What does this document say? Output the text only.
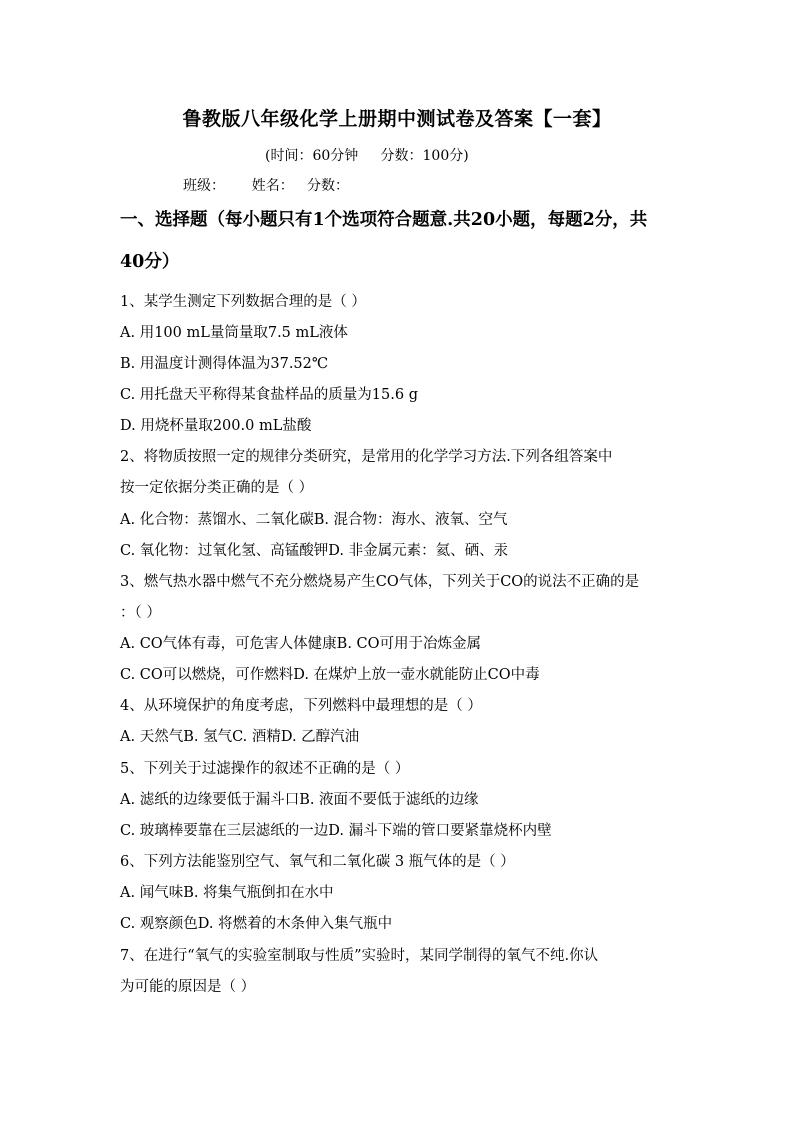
鲁教版八年级化学上册期中测试卷及答案【一套】
(时间：60分钟     分数：100分)
班级：      姓名：   分数：
一、选择题（每小题只有1个选项符合题意.共20小题，每题2分，共
40分）
1、某学生测定下列数据合理的是（ ）
A. 用100 mL量筒量取7.5 mL液体
B. 用温度计测得体温为37.52℃
C. 用托盘天平称得某食盐样品的质量为15.6 g
D. 用烧杯量取200.0 mL盐酸
2、将物质按照一定的规律分类研究，是常用的化学学习方法.下列各组答案中
按一定依据分类正确的是（ ）
A. 化合物：蒸馏水、二氧化碳B. 混合物：海水、液氧、空气
C. 氧化物：过氧化氢、高锰酸钾D. 非金属元素：氦、硒、汞
3、燃气热水器中燃气不充分燃烧易产生CO气体，下列关于CO的说法不正确的是
：（ ）
A. CO气体有毒，可危害人体健康B. CO可用于冶炼金属
C. CO可以燃烧，可作燃料D. 在煤炉上放一壶水就能防止CO中毒
4、从环境保护的角度考虑，下列燃料中最理想的是（ ）
A. 天然气B. 氢气C. 酒精D. 乙醇汽油
5、下列关于过滤操作的叙述不正确的是（ ）
A. 滤纸的边缘要低于漏斗口B. 液面不要低于滤纸的边缘
C. 玻璃棒要靠在三层滤纸的一边D. 漏斗下端的管口要紧靠烧杯内壁
6、下列方法能鉴别空气、氧气和二氧化碳 3 瓶气体的是（ ）
A. 闻气味B. 将集气瓶倒扣在水中
C. 观察颜色D. 将燃着的木条伸入集气瓶中
7、在进行“氧气的实验室制取与性质”实验时，某同学制得的氧气不纯.你认
为可能的原因是（ ）
